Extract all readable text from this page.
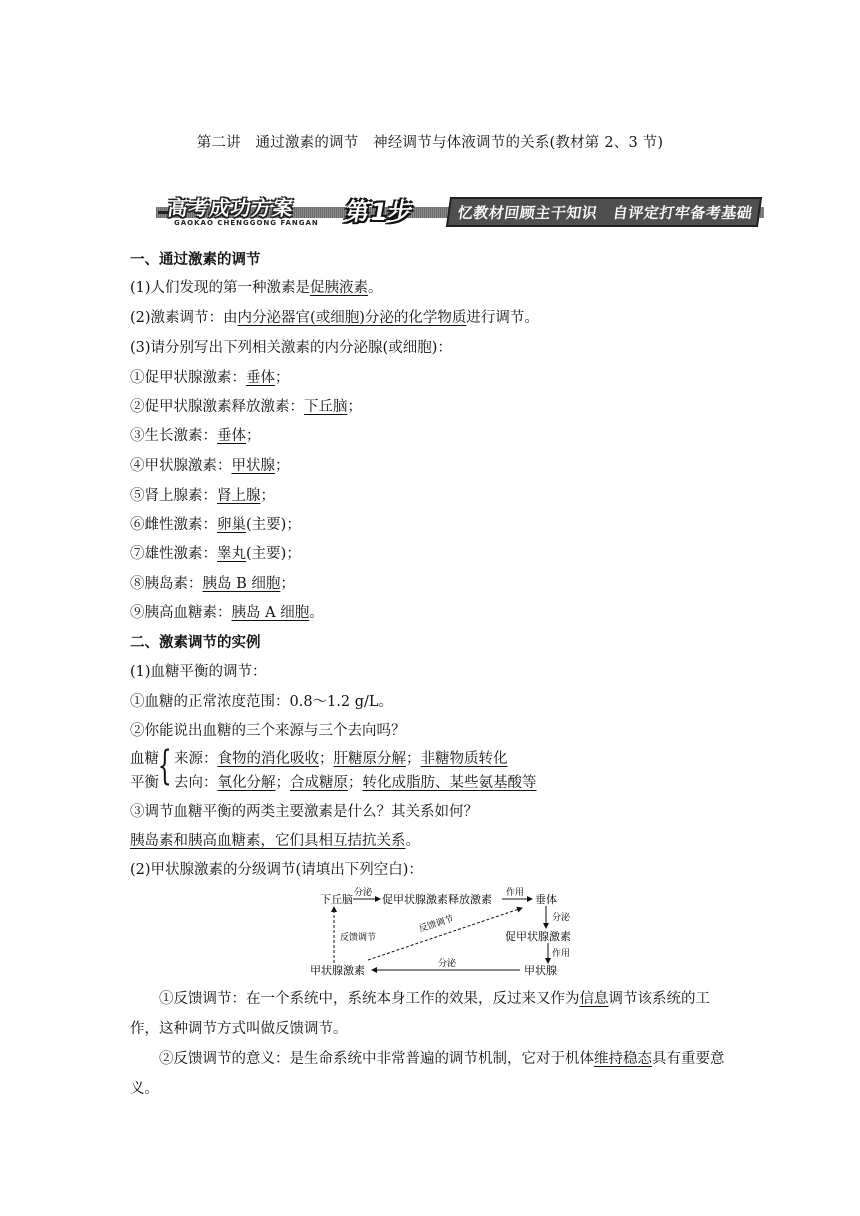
第二讲　通过激素的调节　神经调节与体液调节的关系(教材第 2、3 节)
高考成功方案
GAOKAO CHENGGONG FANGAN 第1步	忆教材回顾主干知识　自评定打牢备考基础
一、通过激素的调节
(1)人们发现的第一种激素是促胰液素。
(2)激素调节：由内分泌器官(或细胞)分泌的化学物质进行调节。
(3)请分别写出下列相关激素的内分泌腺(或细胞)：
①促甲状腺激素：垂体；
②促甲状腺激素释放激素：下丘脑；
③生长激素：垂体；
④甲状腺激素：甲状腺；
⑤肾上腺素：肾上腺；
⑥雌性激素：卵巢(主要)；
⑦雄性激素：睾丸(主要)；
⑧胰岛素：胰岛 B 细胞；
⑨胰高血糖素：胰岛 A 细胞。
二、激素调节的实例
(1)血糖平衡的调节：
①血糖的正常浓度范围：0.8～1.2 g/L。
②你能说出血糖的三个来源与三个去向吗？
血糖
平衡
{ 来源：食物的消化吸收；肝糖原分解；非糖物质转化
去向：氧化分解；合成糖原；转化成脂肪、某些氨基酸等
③调节血糖平衡的两类主要激素是什么？其关系如何？
胰岛素和胰高血糖素，它们具相互拮抗关系。
(2)甲状腺激素的分级调节(请填出下列空白)：
下丘脑 分泌 促甲状腺激素释放激素 作用 垂体
分泌
促甲状腺激素
作用
甲状腺
分泌
甲状腺激素
反馈调节
反馈调节
①反馈调节：在一个系统中，系统本身工作的效果，反过来又作为信息调节该系统的工作，这种调节方式叫做反馈调节。
②反馈调节的意义：是生命系统中非常普遍的调节机制，它对于机体维持稳态具有重要意义。
